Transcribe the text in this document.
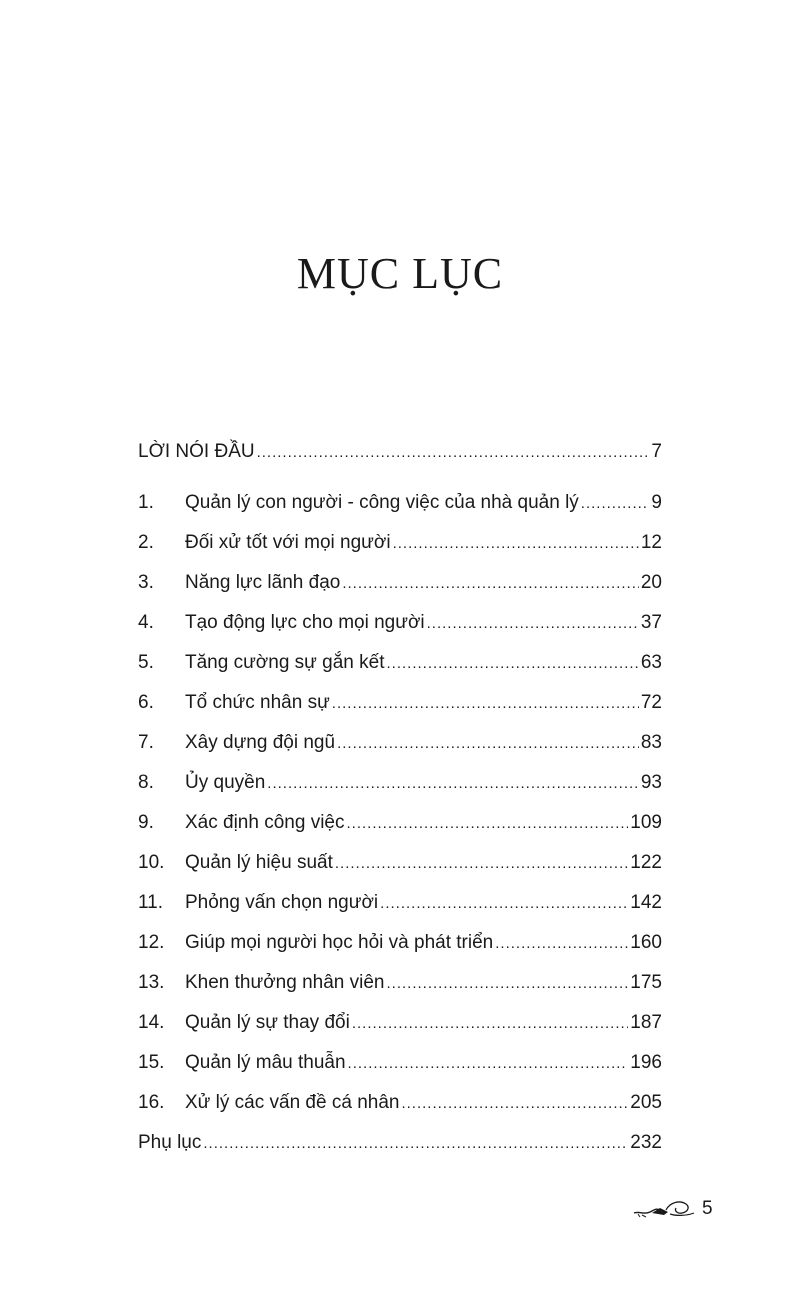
MỤC LỤC
LỜI NÓI ĐẦU .....	7
1.	Quản lý con người - công việc của nhà quản lý .....	9
2.	Đối xử tốt với mọi người .....	12
3.	Năng lực lãnh đạo .....	20
4.	Tạo động lực cho mọi người .....	37
5.	Tăng cường sự gắn kết .....	63
6.	Tổ chức nhân sự .....	72
7.	Xây dựng đội ngũ .....	83
8.	Ủy quyền .....	93
9.	Xác định công việc .....	109
10.	Quản lý hiệu suất .....	122
11.	Phỏng vấn chọn người .....	142
12.	Giúp mọi người học hỏi và phát triển .....	160
13.	Khen thưởng nhân viên .....	175
14.	Quản lý sự thay đổi .....	187
15.	Quản lý mâu thuẫn .....	196
16.	Xử lý các vấn đề cá nhân .....	205
Phụ lục .....	232
5
